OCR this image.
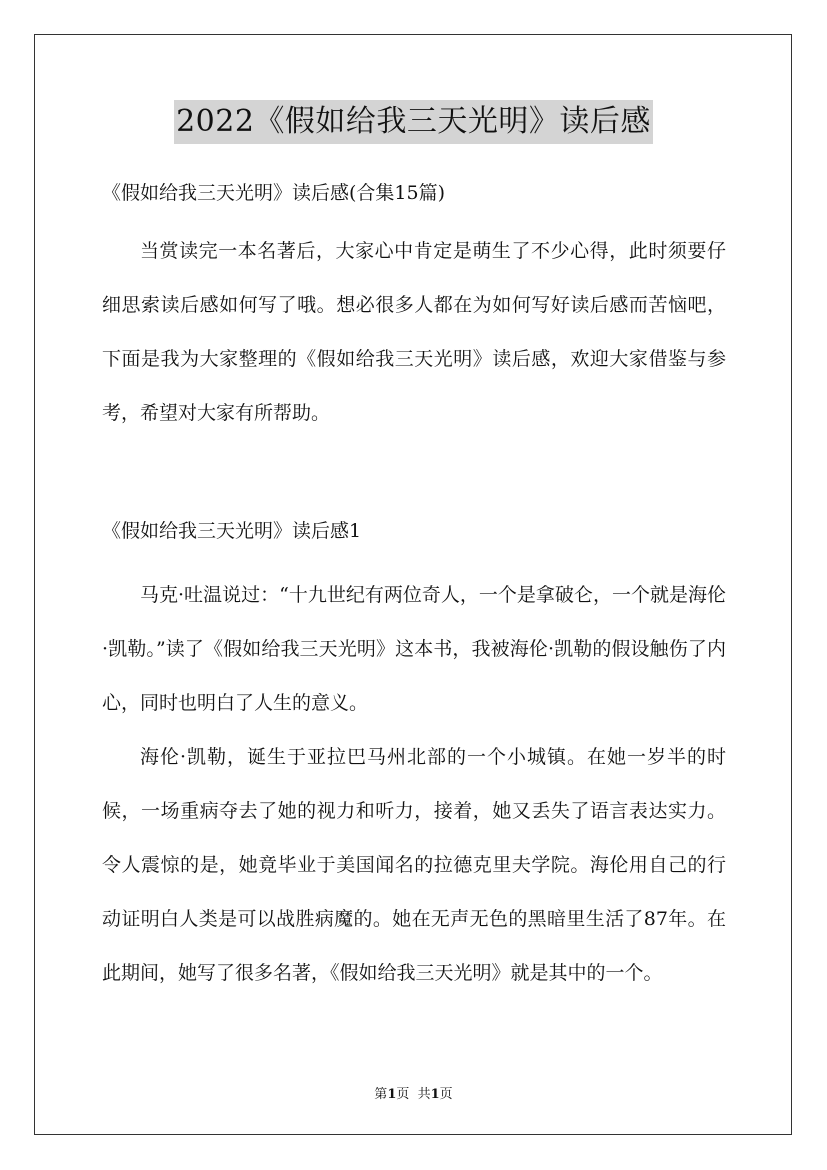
2022《假如给我三天光明》读后感

《假如给我三天光明》读后感(合集15篇)

当赏读完一本名著后，大家心中肯定是萌生了不少心得，此时须要仔细思索读后感如何写了哦。想必很多人都在为如何写好读后感而苦恼吧，下面是我为大家整理的《假如给我三天光明》读后感，欢迎大家借鉴与参考，希望对大家有所帮助。

《假如给我三天光明》读后感1

马克·吐温说过：“十九世纪有两位奇人，一个是拿破仑，一个就是海伦·凯勒。”读了《假如给我三天光明》这本书，我被海伦·凯勒的假设触伤了内心，同时也明白了人生的意义。

海伦·凯勒，诞生于亚拉巴马州北部的一个小城镇。在她一岁半的时候，一场重病夺去了她的视力和听力，接着，她又丢失了语言表达实力。令人震惊的是，她竟毕业于美国闻名的拉德克里夫学院。海伦用自己的行动证明白人类是可以战胜病魔的。她在无声无色的黑暗里生活了87年。在此期间，她写了很多名著，《假如给我三天光明》就是其中的一个。

第1页  共1页
